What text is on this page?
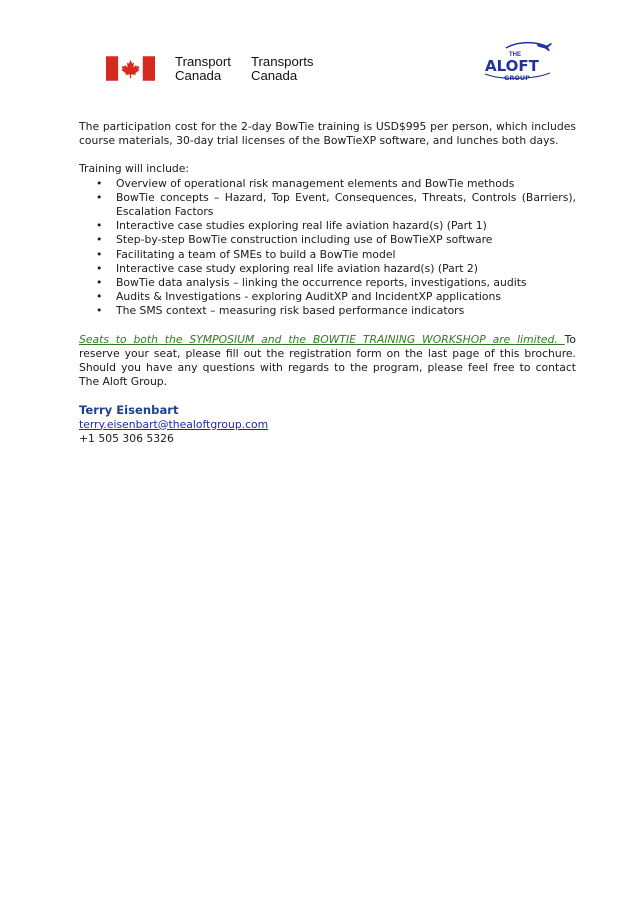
Transport
Canada
Transports
Canada
THE
ALOFT
GROUP

The participation cost for the 2-day BowTie training is USD$995 per person, which includes course materials, 30-day trial licenses of the BowTieXP software, and lunches both days.

Training will include:

• Overview of operational risk management elements and BowTie methods
• BowTie concepts – Hazard, Top Event, Consequences, Threats, Controls (Barriers), Escalation Factors
• Interactive case studies exploring real life aviation hazard(s) (Part 1)
• Step-by-step BowTie construction including use of BowTieXP software
• Facilitating a team of SMEs to build a BowTie model
• Interactive case study exploring real life aviation hazard(s) (Part 2)
• BowTie data analysis – linking the occurrence reports, investigations, audits
• Audits & Investigations - exploring AuditXP and IncidentXP applications
• The SMS context – measuring risk based performance indicators

Seats to both the SYMPOSIUM and the BOWTIE TRAINING WORKSHOP are limited. To reserve your seat, please fill out the registration form on the last page of this brochure. Should you have any questions with regards to the program, please feel free to contact The Aloft Group.

Terry Eisenbart

terry.eisenbart@thealoftgroup.com

+1 505 306 5326
